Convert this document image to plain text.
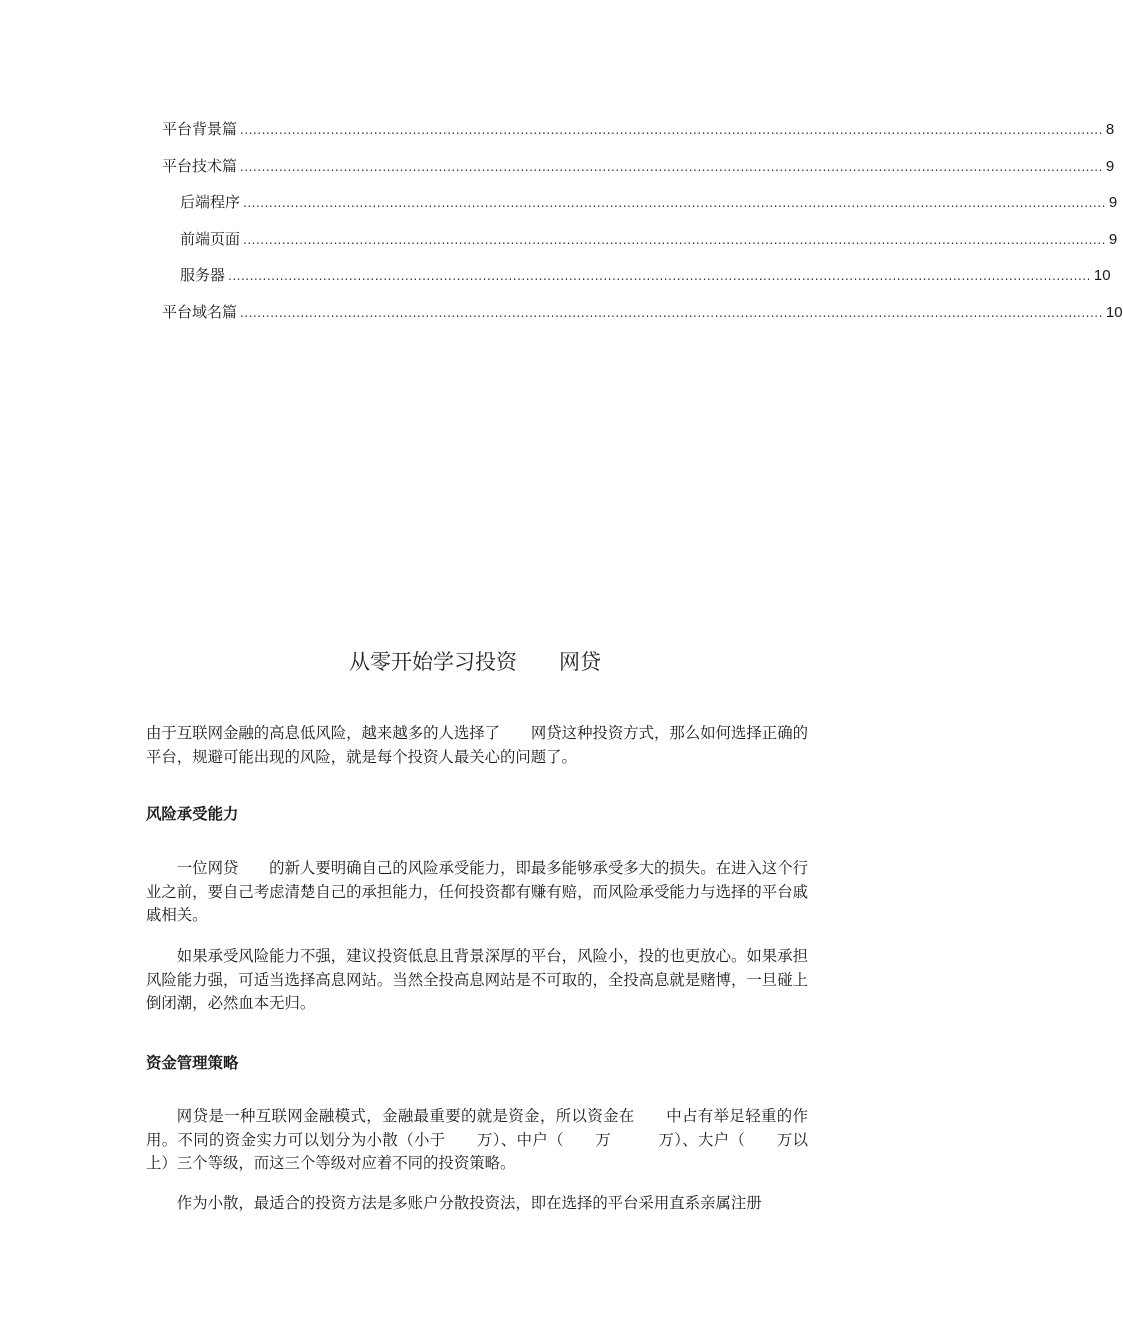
平台背景篇 ........................................................................................................................................................................................................ 8
平台技术篇 ........................................................................................................................................................................................................ 9
后端程序 ........................................................................................................................................................................................................ 9
前端页面 ........................................................................................................................................................................................................ 9
服务器 ........................................................................................................................................................................................................ 10
平台域名篇 ........................................................................................................................................................................................................ 10
从零开始学习投资　　网贷

由于互联网金融的高息低风险，越来越多的人选择了　　网贷这种投资方式，那么如何选择正确的平台，规避可能出现的风险，就是每个投资人最关心的问题了。

风险承受能力

一位网贷　　的新人要明确自己的风险承受能力，即最多能够承受多大的损失。在进入这个行业之前，要自己考虑清楚自己的承担能力，任何投资都有赚有赔，而风险承受能力与选择的平台戚戚相关。

如果承受风险能力不强，建议投资低息且背景深厚的平台，风险小，投的也更放心。如果承担风险能力强，可适当选择高息网站。当然全投高息网站是不可取的，全投高息就是赌博，一旦碰上倒闭潮，必然血本无归。

资金管理策略

网贷是一种互联网金融模式，金融最重要的就是资金，所以资金在　　中占有举足轻重的作用。不同的资金实力可以划分为小散（小于　　万）、中户（　　万　　　万）、大户（　　万以上）三个等级，而这三个等级对应着不同的投资策略。

作为小散，最适合的投资方法是多账户分散投资法，即在选择的平台采用直系亲属注册
